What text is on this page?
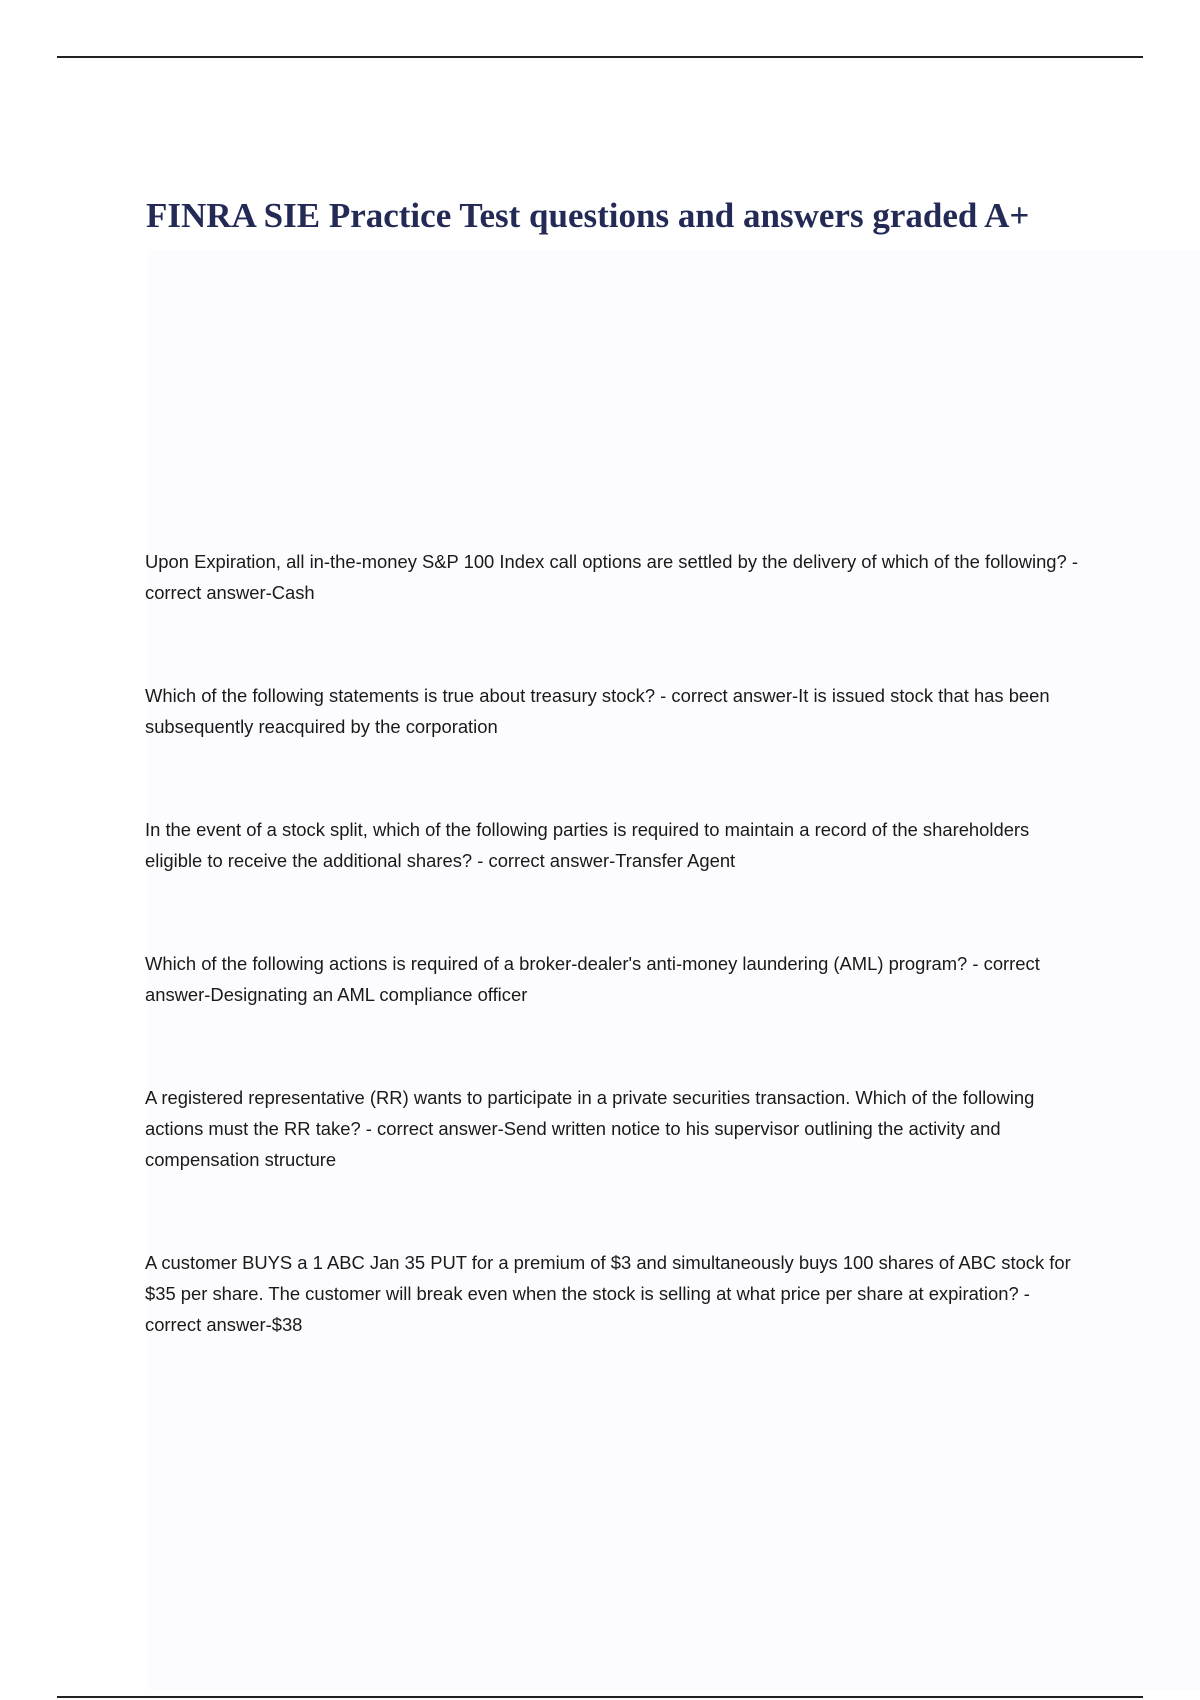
FINRA SIE Practice Test questions and answers graded A+

Upon Expiration, all in-the-money S&P 100 Index call options are settled by the delivery of which of the following? - correct answer-Cash

Which of the following statements is true about treasury stock? - correct answer-It is issued stock that has been subsequently reacquired by the corporation

In the event of a stock split, which of the following parties is required to maintain a record of the shareholders eligible to receive the additional shares? - correct answer-Transfer Agent

Which of the following actions is required of a broker-dealer's anti-money laundering (AML) program? - correct answer-Designating an AML compliance officer

A registered representative (RR) wants to participate in a private securities transaction. Which of the following actions must the RR take? - correct answer-Send written notice to his supervisor outlining the activity and compensation structure

A customer BUYS a 1 ABC Jan 35 PUT for a premium of $3 and simultaneously buys 100 shares of ABC stock for $35 per share. The customer will break even when the stock is selling at what price per share at expiration? - correct answer-$38
